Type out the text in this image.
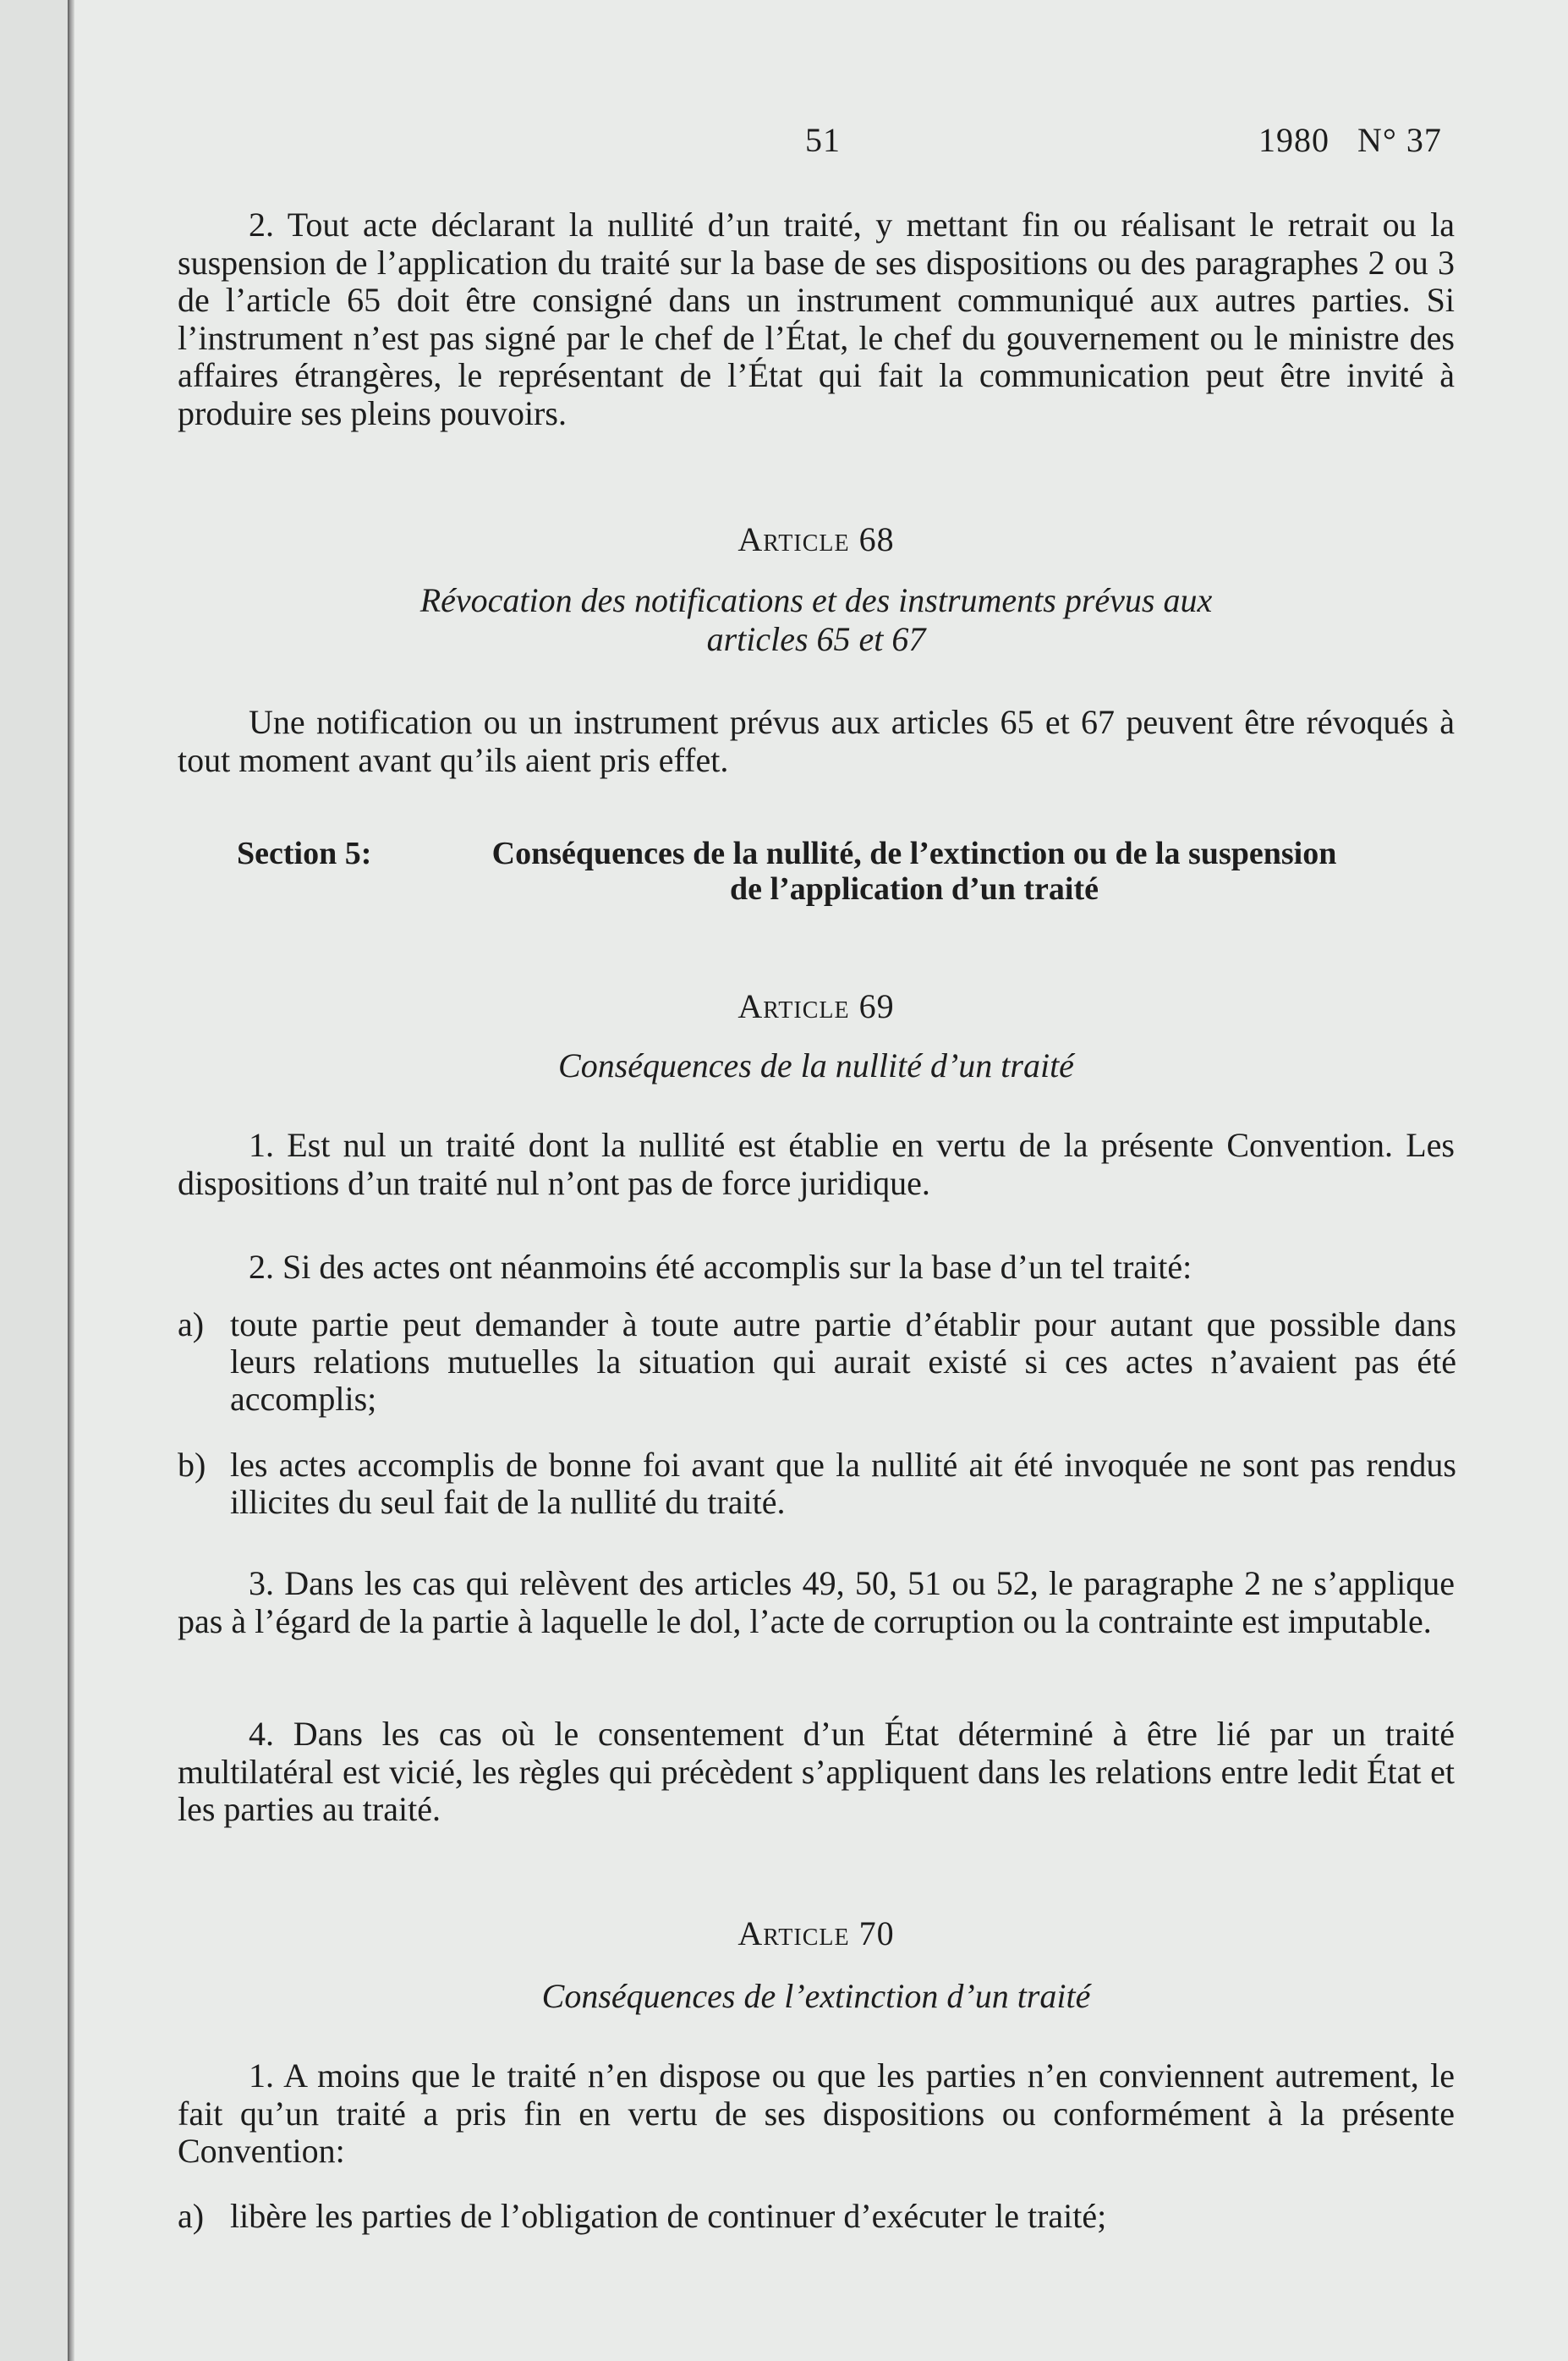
51	1980   N° 37
2. Tout acte déclarant la nullité d’un traité, y mettant fin ou réalisant le retrait ou la suspension de l’application du traité sur la base de ses dispositions ou des paragraphes 2 ou 3 de l’article 65 doit être consigné dans un instrument communiqué aux autres parties. Si l’instrument n’est pas signé par le chef de l’État, le chef du gouvernement ou le ministre des affaires étrangères, le représentant de l’État qui fait la communication peut être invité à produire ses pleins pouvoirs.
Article 68
Révocation des notifications et des instruments prévus aux
articles 65 et 67
Une notification ou un instrument prévus aux articles 65 et 67 peuvent être révoqués à tout moment avant qu’ils aient pris effet.
Section 5:	Conséquences de la nullité, de l’extinction ou de la suspension
de l’application d’un traité
Article 69
Conséquences de la nullité d’un traité
1. Est nul un traité dont la nullité est établie en vertu de la présente Convention. Les dispositions d’un traité nul n’ont pas de force juridique.
2. Si des actes ont néanmoins été accomplis sur la base d’un tel traité:
a) toute partie peut demander à toute autre partie d’établir pour autant que possible dans leurs relations mutuelles la situation qui aurait existé si ces actes n’avaient pas été accomplis;
b) les actes accomplis de bonne foi avant que la nullité ait été invoquée ne sont pas rendus illicites du seul fait de la nullité du traité.
3. Dans les cas qui relèvent des articles 49, 50, 51 ou 52, le paragraphe 2 ne s’applique pas à l’égard de la partie à laquelle le dol, l’acte de corruption ou la contrainte est imputable.
4. Dans les cas où le consentement d’un État déterminé à être lié par un traité multilatéral est vicié, les règles qui précèdent s’appliquent dans les relations entre ledit État et les parties au traité.
Article 70
Conséquences de l’extinction d’un traité
1. A moins que le traité n’en dispose ou que les parties n’en conviennent autrement, le fait qu’un traité a pris fin en vertu de ses dispositions ou conformément à la présente Convention:
a) libère les parties de l’obligation de continuer d’exécuter le traité;
